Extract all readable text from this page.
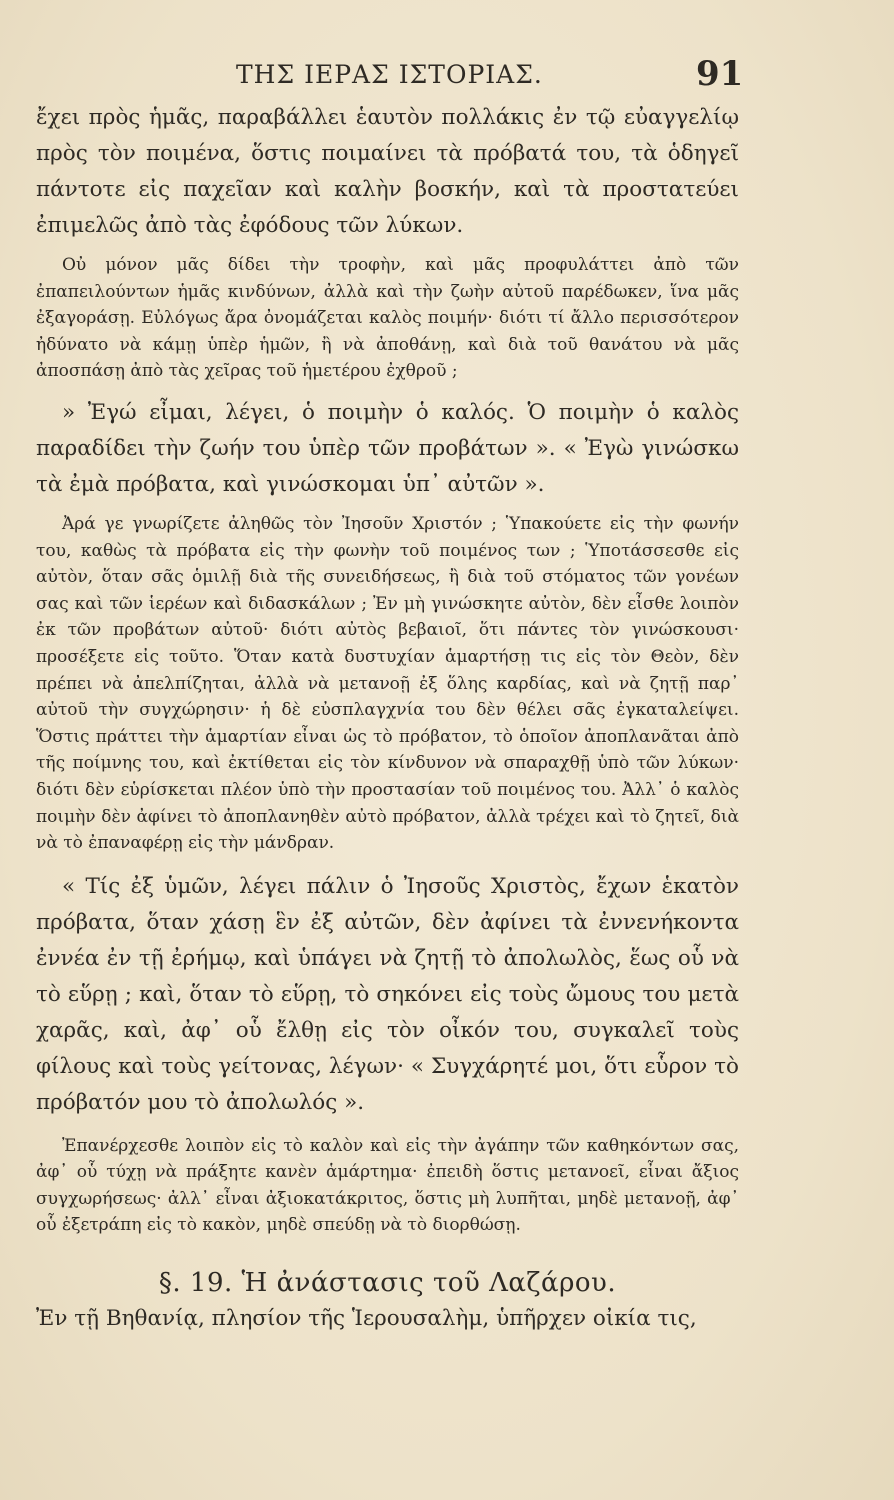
ΤΗΣ ΙΕΡΑΣ ΙΣΤΟΡΙΑΣ.	91

ἔχει πρὸς ἡμᾶς, παραβάλλει ἑαυτὸν πολλάκις ἐν τῷ εὐαγγελίῳ πρὸς τὸν ποιμένα, ὅστις ποιμαίνει τὰ πρόβατά του, τὰ ὁδηγεῖ πάντοτε εἰς παχεῖαν καὶ καλὴν βοσκήν, καὶ τὰ προστατεύει ἐπιμελῶς ἀπὸ τὰς ἐφόδους τῶν λύκων.

Οὐ μόνον μᾶς δίδει τὴν τροφὴν, καὶ μᾶς προφυλάττει ἀπὸ τῶν ἐπαπειλούντων ἡμᾶς κινδύνων, ἀλλὰ καὶ τὴν ζωὴν αὐτοῦ παρέδωκεν, ἵνα μᾶς ἐξαγοράσῃ. Εὐλόγως ἄρα ὀνομάζεται καλὸς ποιμήν· διότι τί ἄλλο περισσότερον ἠδύνατο νὰ κάμῃ ὑπὲρ ἡμῶν, ἢ νὰ ἀποθάνῃ, καὶ διὰ τοῦ θανάτου νὰ μᾶς ἀποσπάσῃ ἀπὸ τὰς χεῖρας τοῦ ἡμετέρου ἐχθροῦ ;

» Ἐγώ εἶμαι, λέγει, ὁ ποιμὴν ὁ καλός. Ὁ ποιμὴν ὁ καλὸς παραδίδει τὴν ζωήν του ὑπὲρ τῶν προβάτων ». « Ἐγὼ γινώσκω τὰ ἐμὰ πρόβατα, καὶ γινώσκομαι ὑπ᾽ αὐτῶν ».

Ἀρά γε γνωρίζετε ἀληθῶς τὸν Ἰησοῦν Χριστόν ; Ὑπακούετε εἰς τὴν φωνήν του, καθὼς τὰ πρόβατα εἰς τὴν φωνὴν τοῦ ποιμένος των ; Ὑποτάσσεσθε εἰς αὐτὸν, ὅταν σᾶς ὁμιλῇ διὰ τῆς συνειδήσεως, ἢ διὰ τοῦ στόματος τῶν γονέων σας καὶ τῶν ἱερέων καὶ διδασκάλων ; Ἐν μὴ γινώσκητε αὐτὸν, δὲν εἶσθε λοιπὸν ἐκ τῶν προβάτων αὐτοῦ· διότι αὐτὸς βεβαιοῖ, ὅτι πάντες τὸν γινώσκουσι· προσέξετε εἰς τοῦτο. Ὅταν κατὰ δυστυχίαν ἁμαρτήσῃ τις εἰς τὸν Θεὸν, δὲν πρέπει νὰ ἀπελπίζηται, ἀλλὰ νὰ μετανοῇ ἐξ ὅλης καρδίας, καὶ νὰ ζητῇ παρ᾽ αὐτοῦ τὴν συγχώρησιν· ἡ δὲ εὐσπλαγχνία του δὲν θέλει σᾶς ἐγκαταλείψει. Ὅστις πράττει τὴν ἁμαρτίαν εἶναι ὡς τὸ πρόβατον, τὸ ὁποῖον ἀποπλανᾶται ἀπὸ τῆς ποίμνης του, καὶ ἐκτίθεται εἰς τὸν κίνδυνον νὰ σπαραχθῇ ὑπὸ τῶν λύκων· διότι δὲν εὑρίσκεται πλέον ὑπὸ τὴν προστασίαν τοῦ ποιμένος του. Ἀλλ᾽ ὁ καλὸς ποιμὴν δὲν ἀφίνει τὸ ἀποπλανηθὲν αὐτὸ πρόβατον, ἀλλὰ τρέχει καὶ τὸ ζητεῖ, διὰ νὰ τὸ ἐπαναφέρῃ εἰς τὴν μάνδραν.

« Τίς ἐξ ὑμῶν, λέγει πάλιν ὁ Ἰησοῦς Χριστὸς, ἔχων ἑκατὸν πρόβατα, ὅταν χάσῃ ἓν ἐξ αὐτῶν, δὲν ἀφίνει τὰ ἐννενήκοντα ἐννέα ἐν τῇ ἐρήμῳ, καὶ ὑπάγει νὰ ζητῇ τὸ ἀπολωλὸς, ἕως οὗ νὰ τὸ εὕρῃ ; καὶ, ὅταν τὸ εὕρῃ, τὸ σηκόνει εἰς τοὺς ὤμους του μετὰ χαρᾶς, καὶ, ἀφ᾽ οὗ ἔλθῃ εἰς τὸν οἶκόν του, συγκαλεῖ τοὺς φίλους καὶ τοὺς γείτονας, λέγων· « Συγχάρητέ μοι, ὅτι εὗρον τὸ πρόβατόν μου τὸ ἀπολωλός ».

Ἐπανέρχεσθε λοιπὸν εἰς τὸ καλὸν καὶ εἰς τὴν ἀγάπην τῶν καθηκόντων σας, ἀφ᾽ οὗ τύχῃ νὰ πράξητε κανὲν ἁμάρτημα· ἐπειδὴ ὅστις μετανοεῖ, εἶναι ἄξιος συγχωρήσεως· ἀλλ᾽ εἶναι ἀξιοκατάκριτος, ὅστις μὴ λυπῆται, μηδὲ μετανοῇ, ἀφ᾽ οὗ ἐξετράπη εἰς τὸ κακὸν, μηδὲ σπεύδῃ νὰ τὸ διορθώσῃ.

§. 19. Ἡ ἀνάστασις τοῦ Λαζάρου.

Ἐν τῇ Βηθανίᾳ, πλησίον τῆς Ἱερουσαλὴμ, ὑπῆρχεν οἰκία τις,
